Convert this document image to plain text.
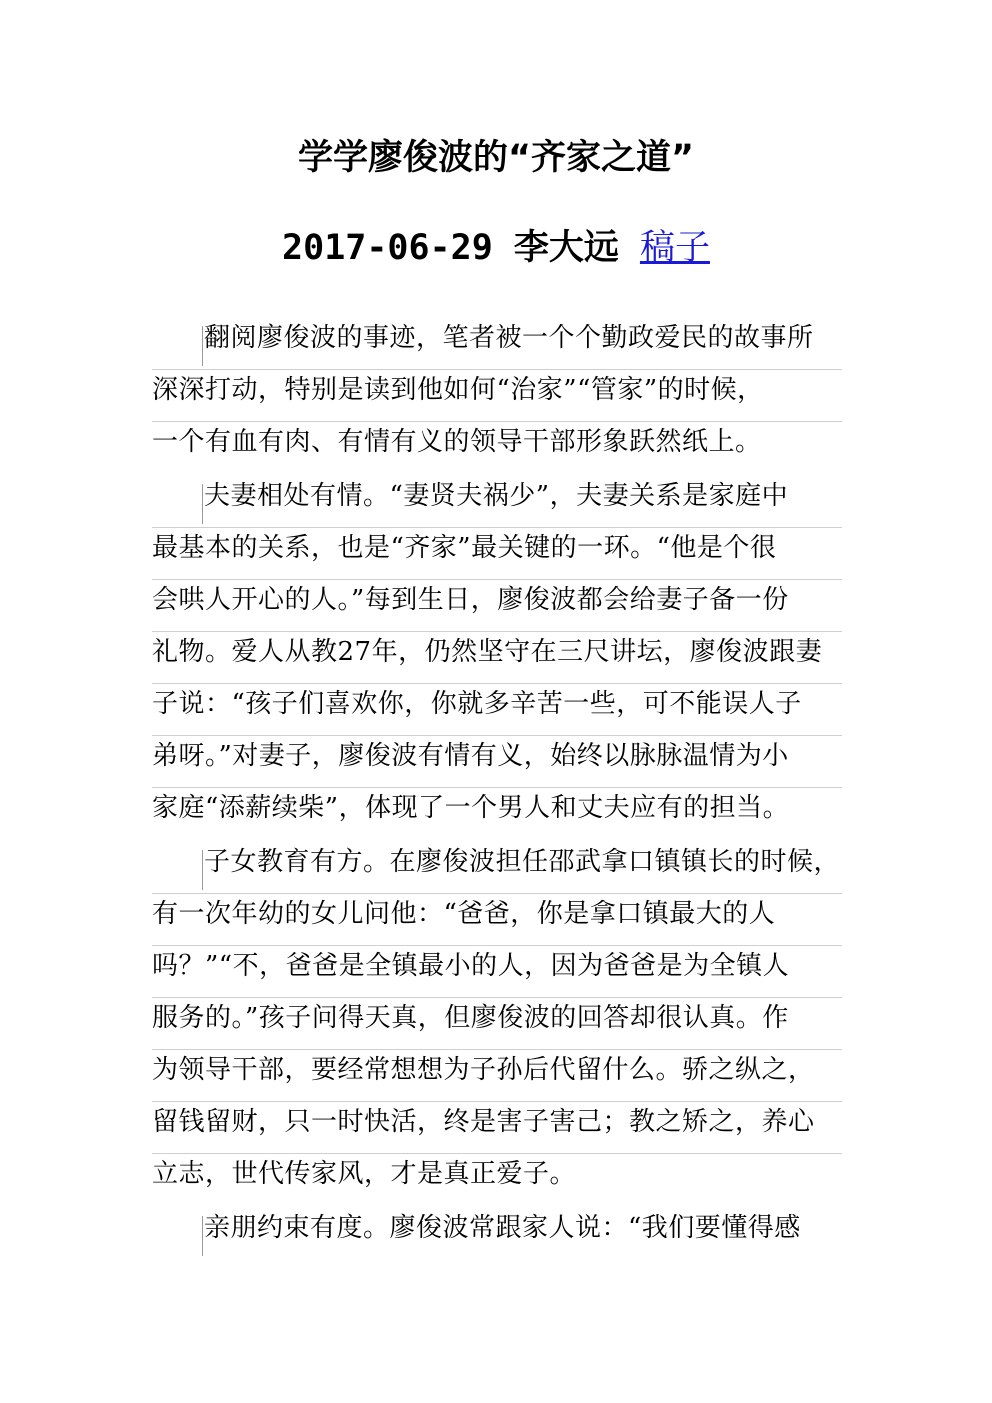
学学廖俊波的“齐家之道”
2017-06-29 李大远 稿子
翻阅廖俊波的事迹，笔者被一个个勤政爱民的故事所
深深打动，特别是读到他如何“治家”“管家”的时候，
一个有血有肉、有情有义的领导干部形象跃然纸上。
夫妻相处有情。“妻贤夫祸少”，夫妻关系是家庭中
最基本的关系，也是“齐家”最关键的一环。“他是个很
会哄人开心的人。”每到生日，廖俊波都会给妻子备一份
礼物。爱人从教27年，仍然坚守在三尺讲坛，廖俊波跟妻
子说：“孩子们喜欢你，你就多辛苦一些，可不能误人子
弟呀。”对妻子，廖俊波有情有义，始终以脉脉温情为小
家庭“添薪续柴”，体现了一个男人和丈夫应有的担当。
子女教育有方。在廖俊波担任邵武拿口镇镇长的时候，
有一次年幼的女儿问他：“爸爸，你是拿口镇最大的人
吗？”“不，爸爸是全镇最小的人，因为爸爸是为全镇人
服务的。”孩子问得天真，但廖俊波的回答却很认真。作
为领导干部，要经常想想为子孙后代留什么。骄之纵之，
留钱留财，只一时快活，终是害子害己；教之矫之，养心
立志，世代传家风，才是真正爱子。
亲朋约束有度。廖俊波常跟家人说：“我们要懂得感
